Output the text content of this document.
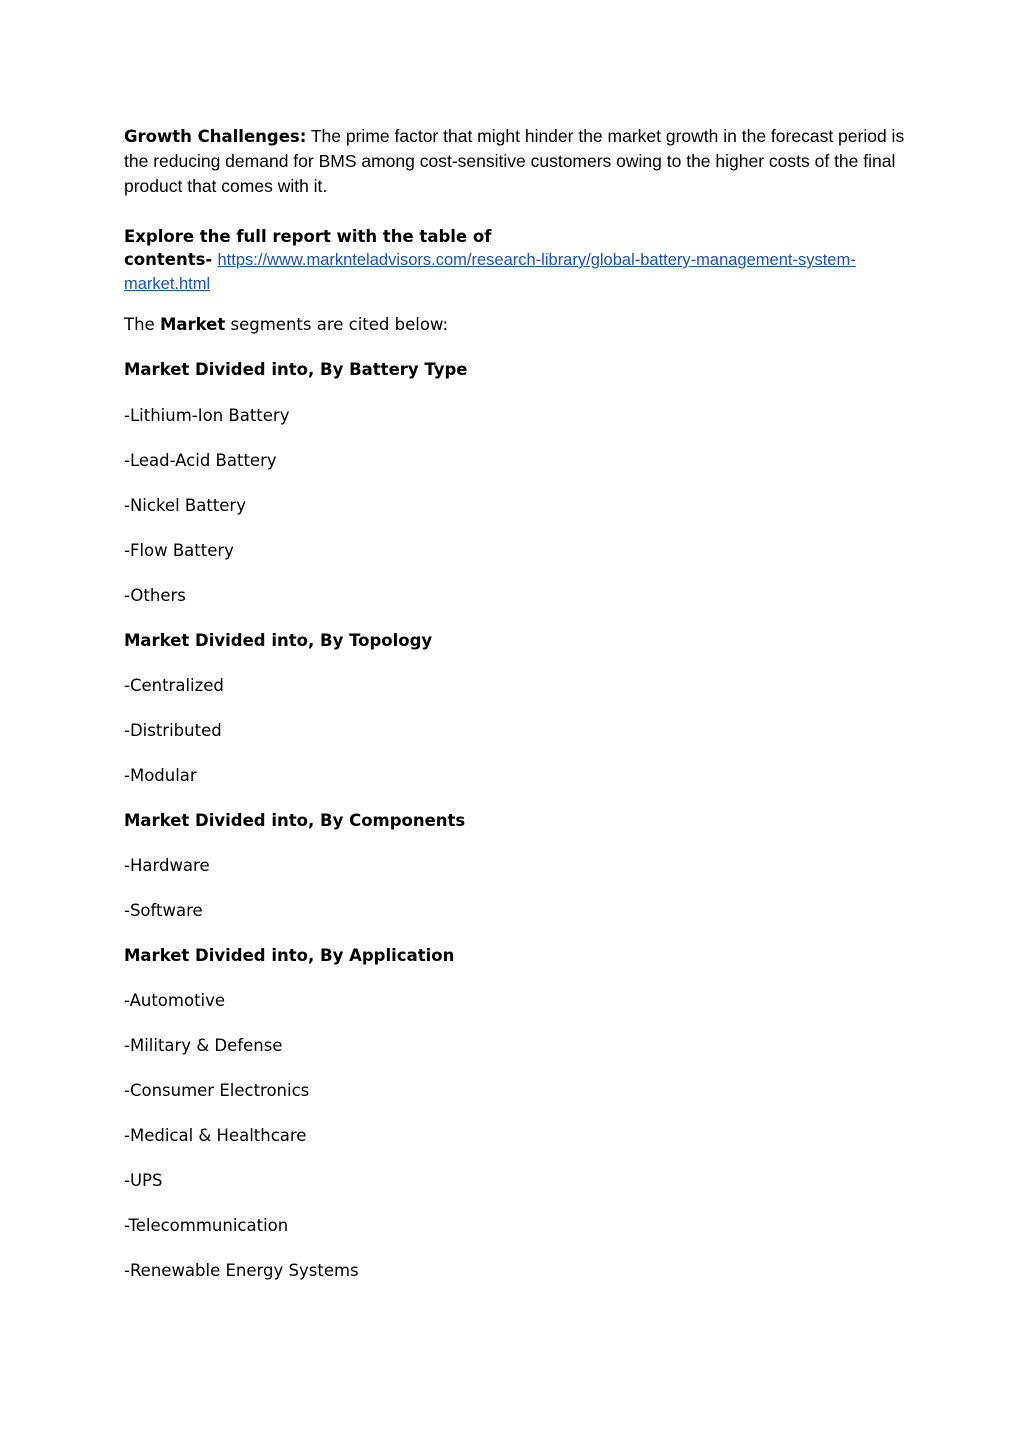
Growth Challenges: The prime factor that might hinder the market growth in the forecast period is the reducing demand for BMS among cost-sensitive customers owing to the higher costs of the final product that comes with it.

Explore the full report with the table of
contents- https://www.marknteladvisors.com/research-library/global-battery-management-system-market.html

The Market segments are cited below:

Market Divided into, By Battery Type

-Lithium-Ion Battery

-Lead-Acid Battery

-Nickel Battery

-Flow Battery

-Others

Market Divided into, By Topology

-Centralized

-Distributed

-Modular

Market Divided into, By Components

-Hardware

-Software

Market Divided into, By Application

-Automotive

-Military & Defense

-Consumer Electronics

-Medical & Healthcare

-UPS

-Telecommunication

-Renewable Energy Systems
